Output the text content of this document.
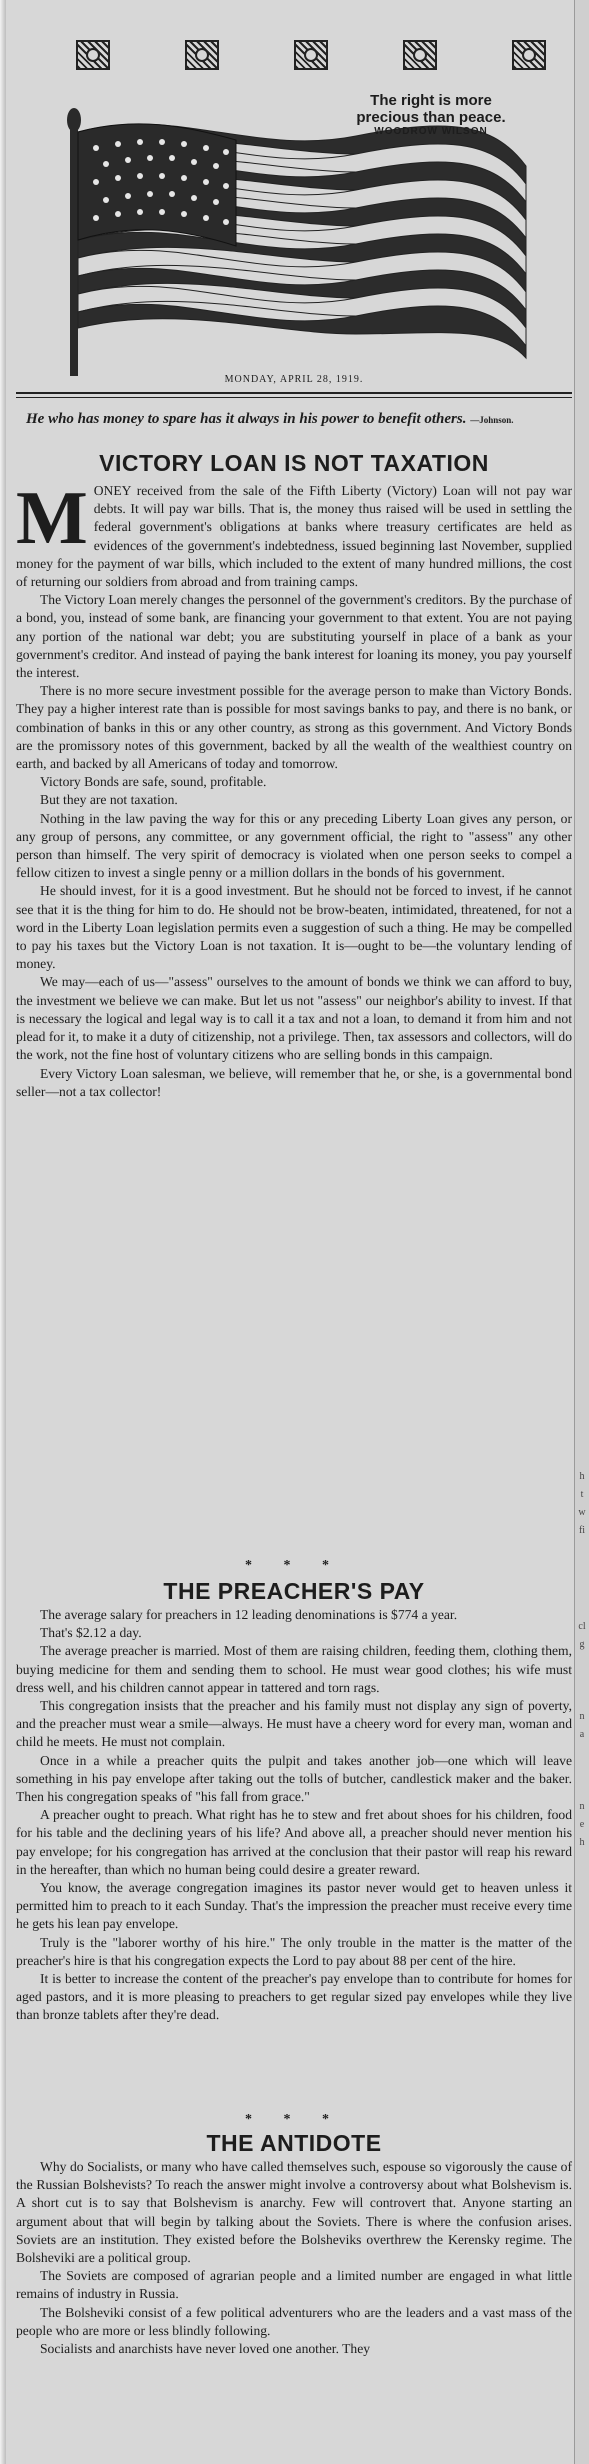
h
t
w
fi
cl
g
n
a
n
e
h
The right is more
precious than peace.
WOODROW WILSON
MONDAY, APRIL 28, 1919.
He who has money to spare has it always in his power to benefit others. —Johnson.
VICTORY LOAN IS NOT TAXATION

MONEY received from the sale of the Fifth Liberty (Victory) Loan will not pay war debts. It will pay war bills. That is, the money thus raised will be used in settling the federal government's obligations at banks where treasury certificates are held as evidences of the government's indebtedness, issued beginning last November, supplied money for the payment of war bills, which included to the extent of many hundred millions, the cost of returning our soldiers from abroad and from training camps.

The Victory Loan merely changes the personnel of the government's creditors. By the purchase of a bond, you, instead of some bank, are financing your government to that extent. You are not paying any portion of the national war debt; you are substituting yourself in place of a bank as your government's creditor. And instead of paying the bank interest for loaning its money, you pay yourself the interest.

There is no more secure investment possible for the average person to make than Victory Bonds. They pay a higher interest rate than is possible for most savings banks to pay, and there is no bank, or combination of banks in this or any other country, as strong as this government. And Victory Bonds are the promissory notes of this government, backed by all the wealth of the wealthiest country on earth, and backed by all Americans of today and tomorrow.

Victory Bonds are safe, sound, profitable.

But they are not taxation.

Nothing in the law paving the way for this or any preceding Liberty Loan gives any person, or any group of persons, any committee, or any government official, the right to "assess" any other person than himself. The very spirit of democracy is violated when one person seeks to compel a fellow citizen to invest a single penny or a million dollars in the bonds of his government.

He should invest, for it is a good investment. But he should not be forced to invest, if he cannot see that it is the thing for him to do. He should not be brow-beaten, intimidated, threatened, for not a word in the Liberty Loan legislation permits even a suggestion of such a thing. He may be compelled to pay his taxes but the Victory Loan is not taxation. It is—ought to be—the voluntary lending of money.

We may—each of us—"assess" ourselves to the amount of bonds we think we can afford to buy, the investment we believe we can make. But let us not "assess" our neighbor's ability to invest. If that is necessary the logical and legal way is to call it a tax and not a loan, to demand it from him and not plead for it, to make it a duty of citizenship, not a privilege. Then, tax assessors and collectors, will do the work, not the fine host of voluntary citizens who are selling bonds in this campaign.

Every Victory Loan salesman, we believe, will remember that he, or she, is a governmental bond seller—not a tax collector!

* * *
THE PREACHER'S PAY

The average salary for preachers in 12 leading denominations is $774 a year.

That's $2.12 a day.

The average preacher is married. Most of them are raising children, feeding them, clothing them, buying medicine for them and sending them to school. He must wear good clothes; his wife must dress well, and his children cannot appear in tattered and torn rags.

This congregation insists that the preacher and his family must not display any sign of poverty, and the preacher must wear a smile—always. He must have a cheery word for every man, woman and child he meets. He must not complain.

Once in a while a preacher quits the pulpit and takes another job—one which will leave something in his pay envelope after taking out the tolls of butcher, candlestick maker and the baker. Then his congregation speaks of "his fall from grace."

A preacher ought to preach. What right has he to stew and fret about shoes for his children, food for his table and the declining years of his life? And above all, a preacher should never mention his pay envelope; for his congregation has arrived at the conclusion that their pastor will reap his reward in the hereafter, than which no human being could desire a greater reward.

You know, the average congregation imagines its pastor never would get to heaven unless it permitted him to preach to it each Sunday. That's the impression the preacher must receive every time he gets his lean pay envelope.

Truly is the "laborer worthy of his hire." The only trouble in the matter is the matter of the preacher's hire is that his congregation expects the Lord to pay about 88 per cent of the hire.

It is better to increase the content of the preacher's pay envelope than to contribute for homes for aged pastors, and it is more pleasing to preachers to get regular sized pay envelopes while they live than bronze tablets after they're dead.

* * *
THE ANTIDOTE

Why do Socialists, or many who have called themselves such, espouse so vigorously the cause of the Russian Bolshevists? To reach the answer might involve a controversy about what Bolshevism is. A short cut is to say that Bolshevism is anarchy. Few will controvert that. Anyone starting an argument about that will begin by talking about the Soviets. There is where the confusion arises. Soviets are an institution. They existed before the Bolsheviks overthrew the Kerensky regime. The Bolsheviki are a political group.

The Soviets are composed of agrarian people and a limited number are engaged in what little remains of industry in Russia.

The Bolsheviki consist of a few political adventurers who are the leaders and a vast mass of the people who are more or less blindly following.

Socialists and anarchists have never loved one another. They
